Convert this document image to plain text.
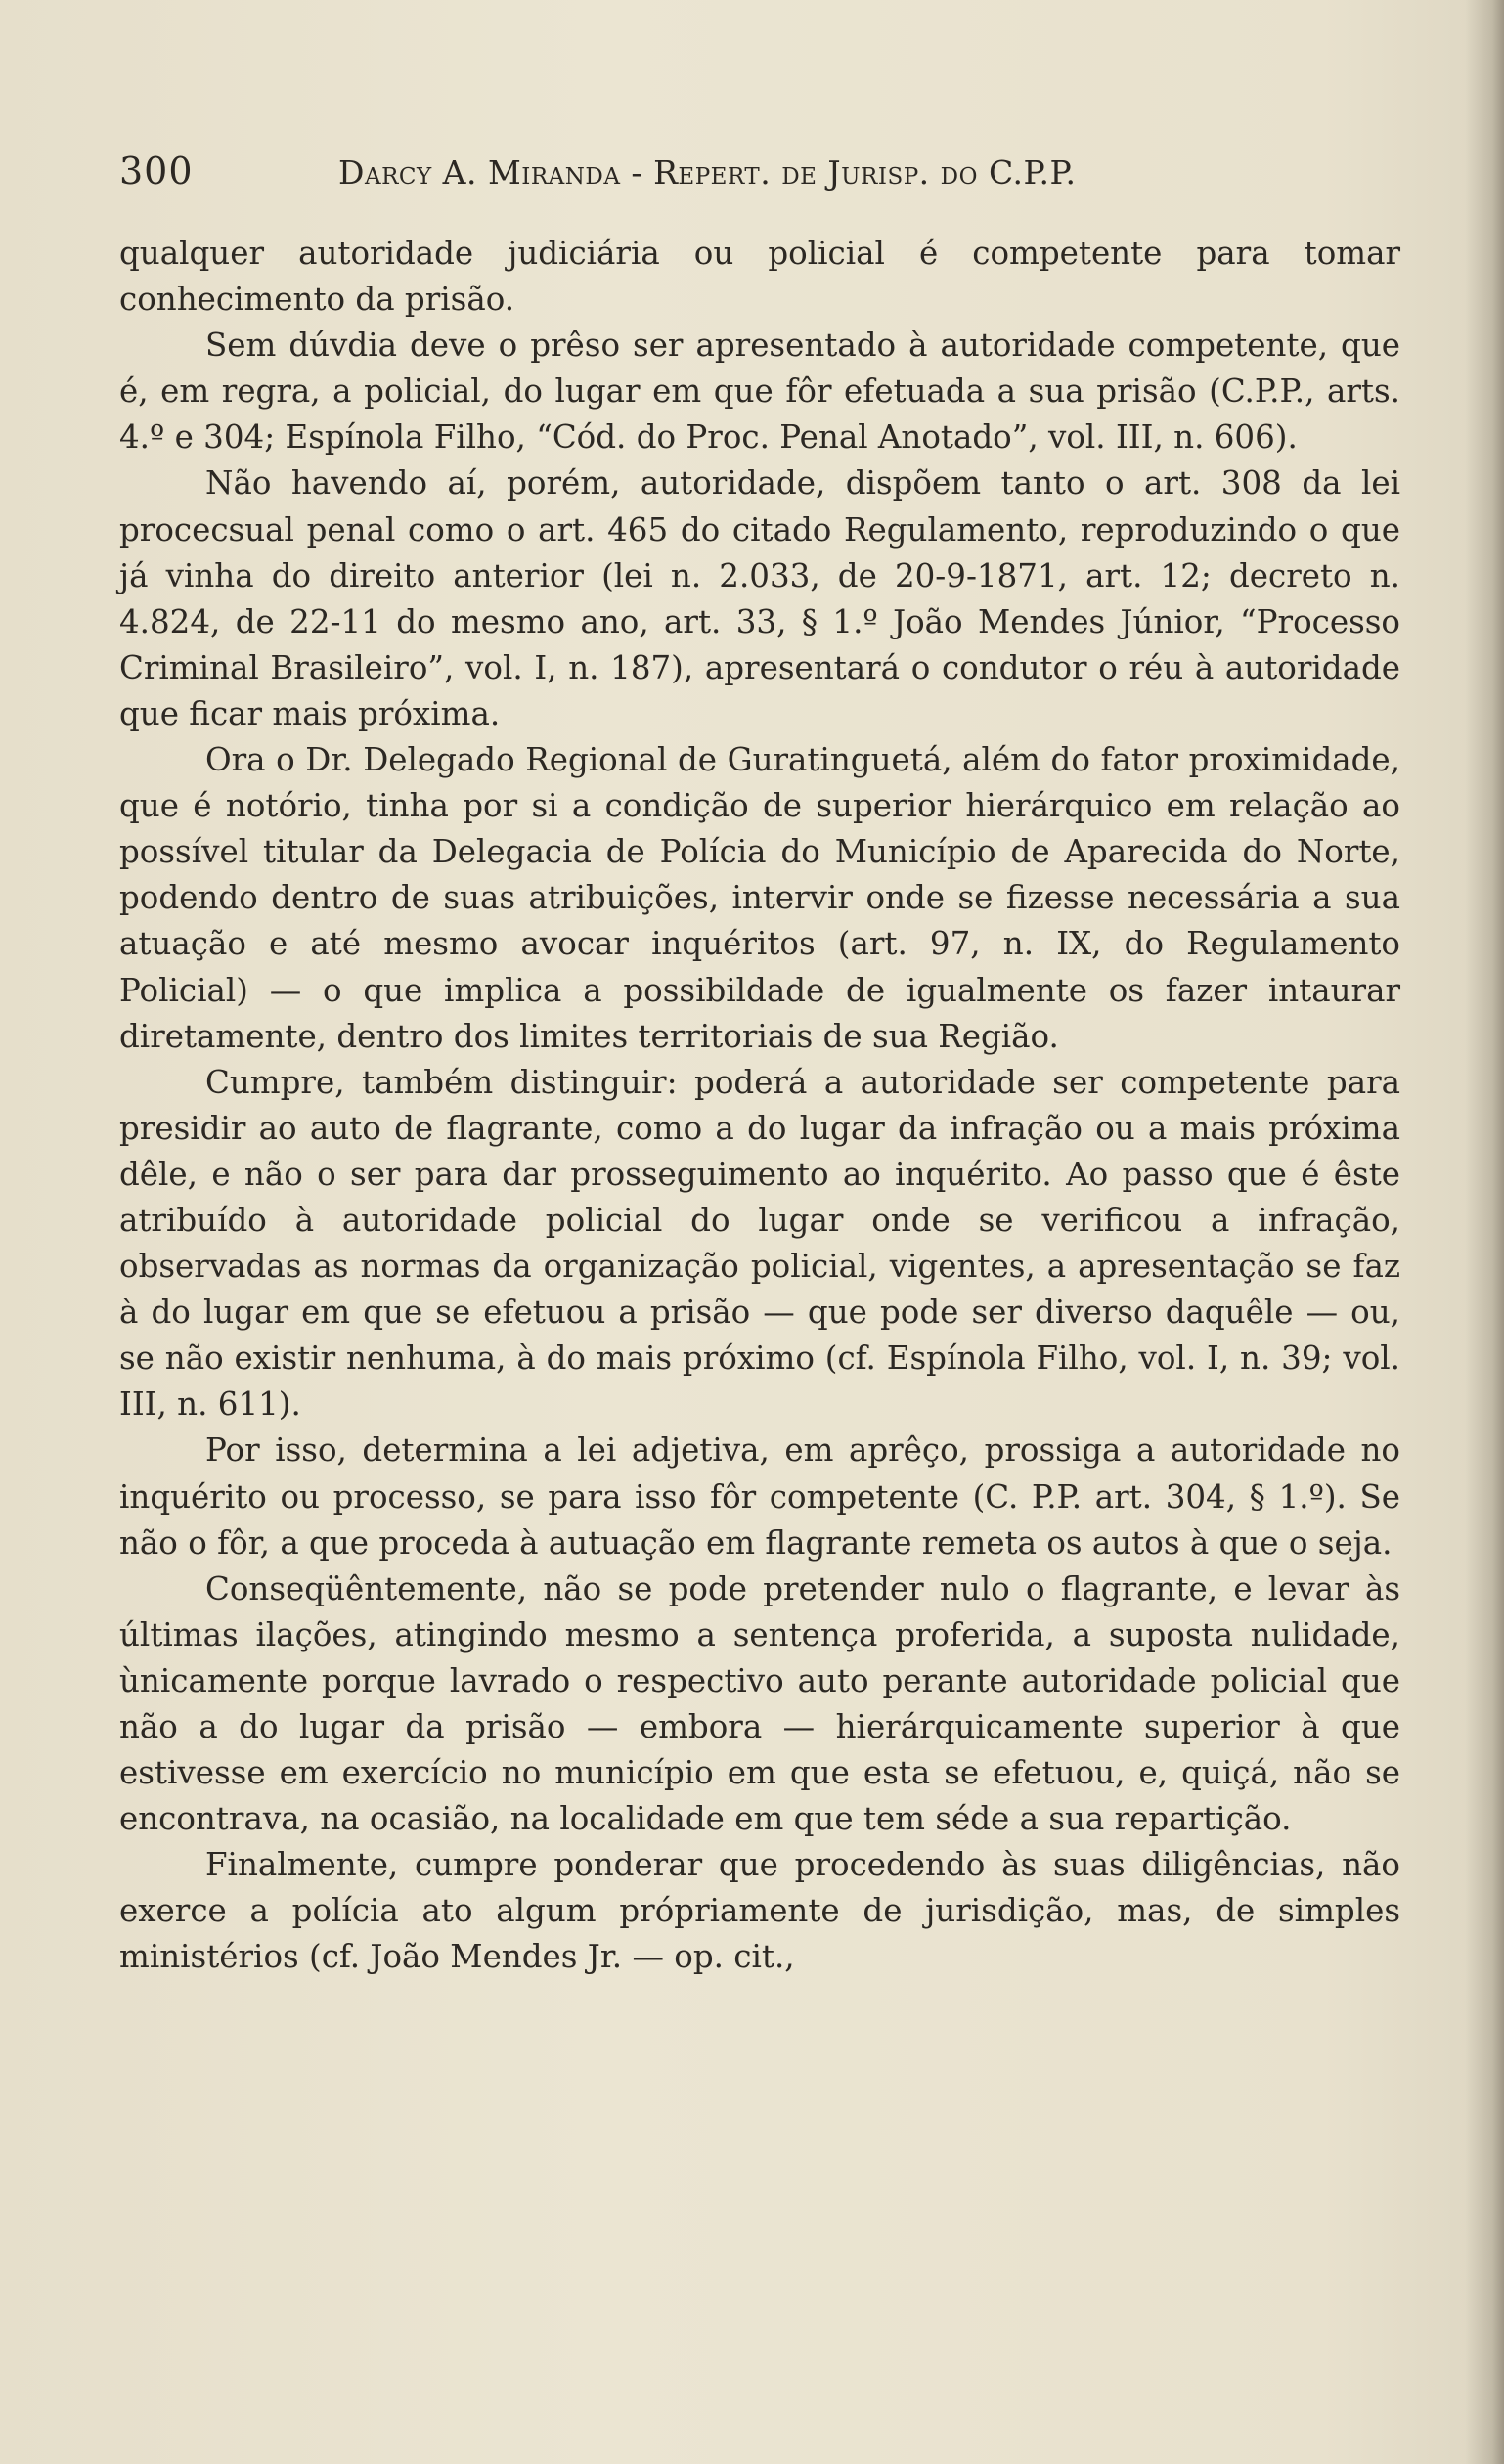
300	Darcy A. Miranda - Repert. de Jurisp. do C.P.P.

qualquer autoridade judiciária ou policial é competente para tomar conhecimento da prisão.

Sem dúvdia deve o prêso ser apresentado à autoridade competente, que é, em regra, a policial, do lugar em que fôr efetuada a sua prisão (C.P.P., arts. 4.º e 304; Espínola Filho, “Cód. do Proc. Penal Anotado”, vol. III, n. 606).

Não havendo aí, porém, autoridade, dispõem tanto o art. 308 da lei procecsual penal como o art. 465 do citado Regulamento, reproduzindo o que já vinha do direito anterior (lei n. 2.033, de 20-9-1871, art. 12; decreto n. 4.824, de 22-11 do mesmo ano, art. 33, § 1.º João Mendes Júnior, “Processo Criminal Brasileiro”, vol. I, n. 187), apresentará o condutor o réu à autoridade que ficar mais próxima.

Ora o Dr. Delegado Regional de Guratinguetá, além do fator proximidade, que é notório, tinha por si a condição de superior hierárquico em relação ao possível titular da Delegacia de Polícia do Município de Aparecida do Norte, podendo dentro de suas atribuições, intervir onde se fizesse necessária a sua atuação e até mesmo avocar inquéritos (art. 97, n. IX, do Regulamento Policial) — o que implica a possibildade de igualmente os fazer intaurar diretamente, dentro dos limites territoriais de sua Região.

Cumpre, também distinguir: poderá a autoridade ser competente para presidir ao auto de flagrante, como a do lugar da infração ou a mais próxima dêle, e não o ser para dar prosseguimento ao inquérito. Ao passo que é êste atribuído à autoridade policial do lugar onde se verificou a infração, observadas as normas da organização policial, vigentes, a apresentação se faz à do lugar em que se efetuou a prisão — que pode ser diverso daquêle — ou, se não existir nenhuma, à do mais próximo (cf. Espínola Filho, vol. I, n. 39; vol. III, n. 611).

Por isso, determina a lei adjetiva, em aprêço, prossiga a autoridade no inquérito ou processo, se para isso fôr competente (C. P.P. art. 304, § 1.º). Se não o fôr, a que proceda à autuação em flagrante remeta os autos à que o seja.

Conseqüêntemente, não se pode pretender nulo o flagrante, e levar às últimas ilações, atingindo mesmo a sentença proferida, a suposta nulidade, ùnicamente porque lavrado o respectivo auto perante autoridade policial que não a do lugar da prisão — embora — hierárquicamente superior à que estivesse em exercício no município em que esta se efetuou, e, quiçá, não se encontrava, na ocasião, na localidade em que tem séde a sua repartição.

Finalmente, cumpre ponderar que procedendo às suas diligências, não exerce a polícia ato algum própriamente de jurisdição, mas, de simples ministérios (cf. João Mendes Jr. — op. cit.,
